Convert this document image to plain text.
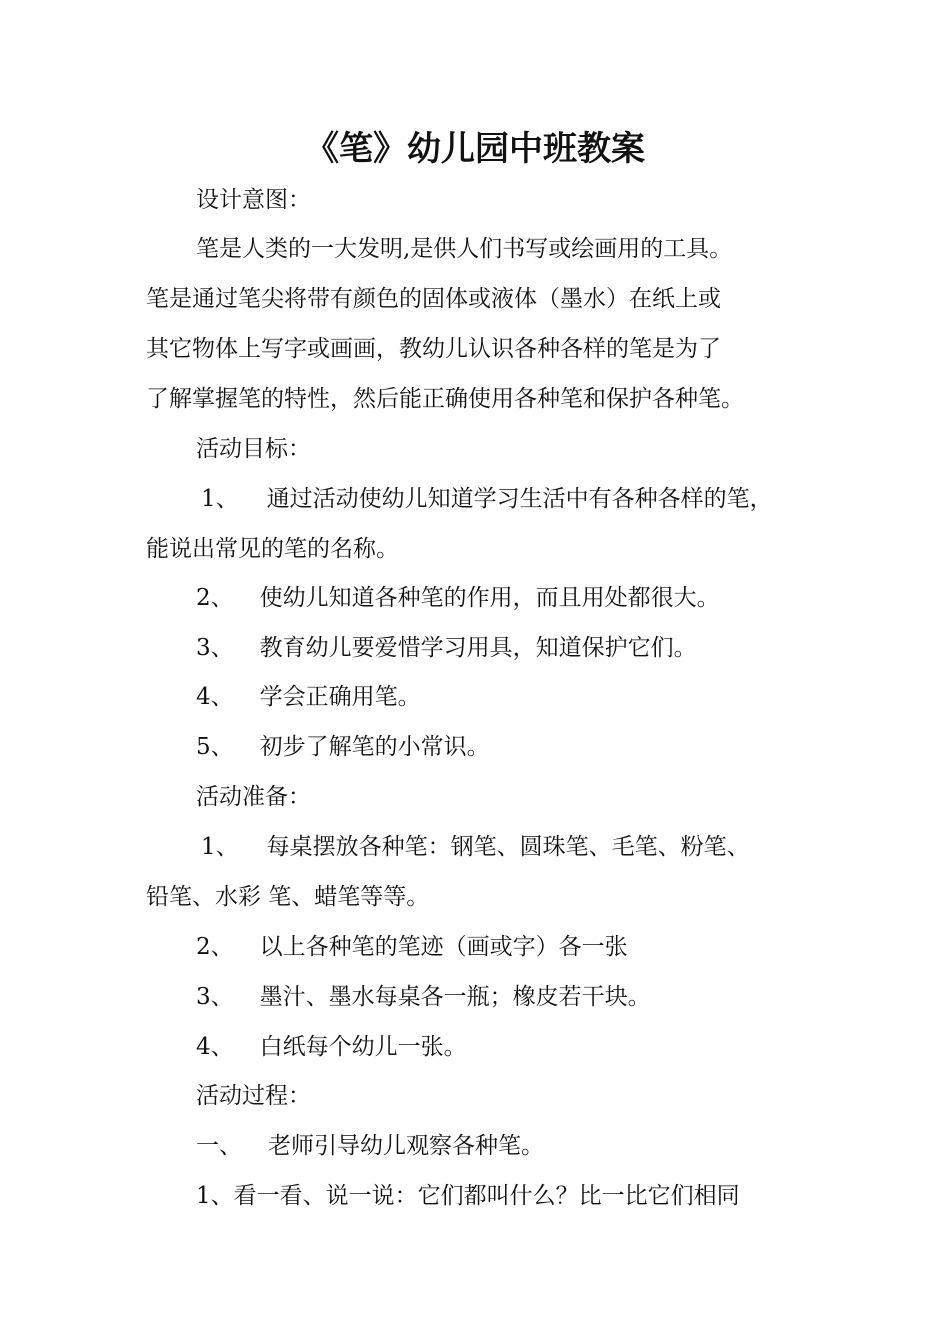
《笔》幼儿园中班教案

设计意图：

笔是人类的一大发明,是供人们书写或绘画用的工具。

笔是通过笔尖将带有颜色的固体或液体（墨水）在纸上或

其它物体上写字或画画，教幼儿认识各种各样的笔是为了

了解掌握笔的特性，然后能正确使用各种笔和保护各种笔。

活动目标：

1、 通过活动使幼儿知道学习生活中有各种各样的笔，

能说出常见的笔的名称。

2、 使幼儿知道各种笔的作用，而且用处都很大。
3、 教育幼儿要爱惜学习用具，知道保护它们。
4、 学会正确用笔。
5、 初步了解笔的小常识。

活动准备：

1、 每桌摆放各种笔：钢笔、圆珠笔、毛笔、粉笔、

铅笔、水彩 笔、蜡笔等等。

2、 以上各种笔的笔迹（画或字）各一张
3、 墨汁、墨水每桌各一瓶；橡皮若干块。
4、 白纸每个幼儿一张。

活动过程：

一、 老师引导幼儿观察各种笔。

1、看一看、说一说：它们都叫什么？比一比它们相同
